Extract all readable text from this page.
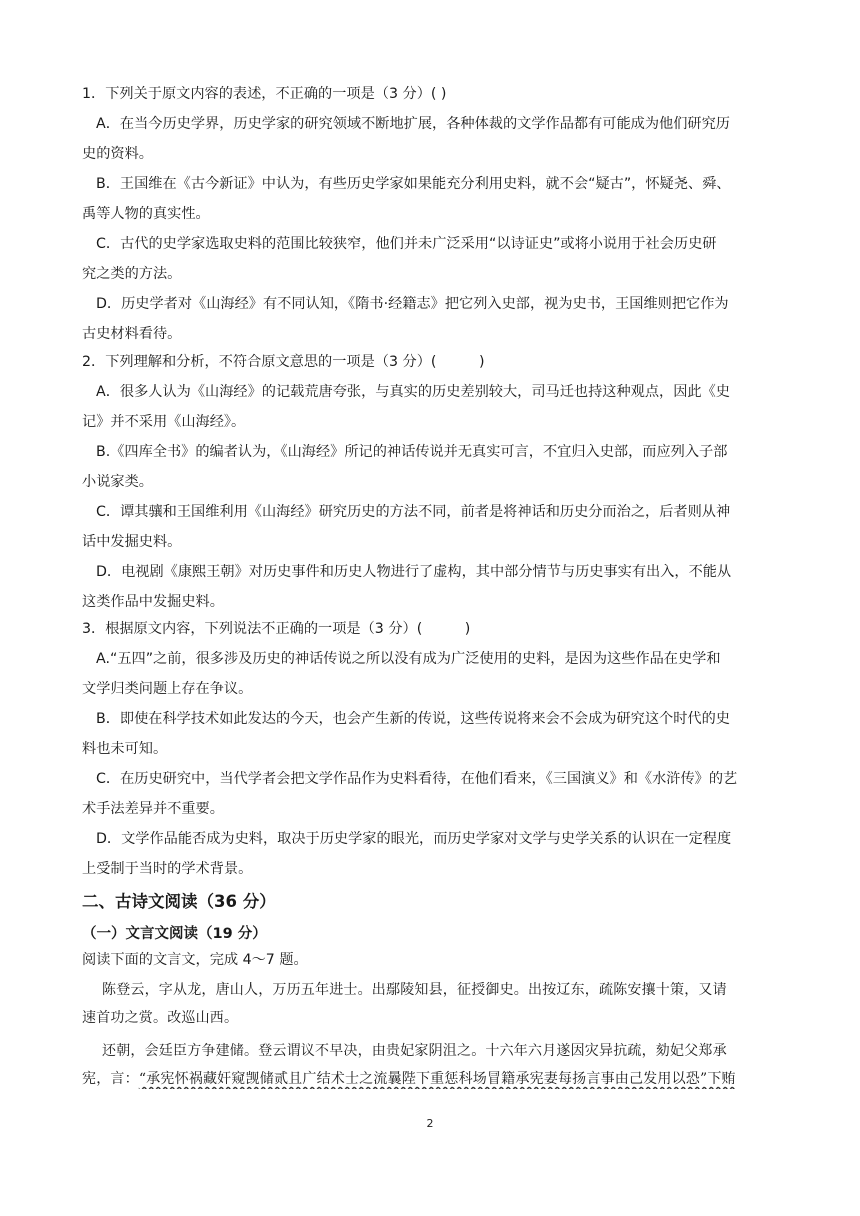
1．下列关于原文内容的表述，不正确的一项是（3 分）( )
A．在当今历史学界，历史学家的研究领域不断地扩展，各种体裁的文学作品都有可能成为他们研究历
史的资料。
B．王国维在《古今新证》中认为，有些历史学家如果能充分利用史料，就不会“疑古”，怀疑尧、舜、
禹等人物的真实性。
C．古代的史学家选取史料的范围比较狭窄，他们并未广泛采用“以诗证史”或将小说用于社会历史研
究之类的方法。
D．历史学者对《山海经》有不同认知，《隋书·经籍志》把它列入史部，视为史书，王国维则把它作为
古史材料看待。
2．下列理解和分析，不符合原文意思的一项是（3 分）(　　　)
A．很多人认为《山海经》的记载荒唐夸张，与真实的历史差别较大，司马迁也持这种观点，因此《史
记》并不采用《山海经》。
B.《四库全书》的编者认为，《山海经》所记的神话传说并无真实可言，不宜归入史部，而应列入子部
小说家类。
C．谭其骧和王国维利用《山海经》研究历史的方法不同，前者是将神话和历史分而治之，后者则从神
话中发掘史料。
D．电视剧《康熙王朝》对历史事件和历史人物进行了虚构，其中部分情节与历史事实有出入，不能从
这类作品中发掘史料。
3．根据原文内容，下列说法不正确的一项是（3 分）(　　　)
A.“五四”之前，很多涉及历史的神话传说之所以没有成为广泛使用的史料，是因为这些作品在史学和
文学归类问题上存在争议。
B．即使在科学技术如此发达的今天，也会产生新的传说，这些传说将来会不会成为研究这个时代的史
料也未可知。
C．在历史研究中，当代学者会把文学作品作为史料看待，在他们看来，《三国演义》和《水浒传》的艺
术手法差异并不重要。
D．文学作品能否成为史料，取决于历史学家的眼光，而历史学家对文学与史学关系的认识在一定程度
上受制于当时的学术背景。
二、古诗文阅读（36 分）
（一）文言文阅读（19 分）
阅读下面的文言文，完成 4～7 题。
陈登云，字从龙，唐山人，万历五年进士。出鄢陵知县，征授御史。出按辽东，疏陈安攘十策，又请
速首功之赏。改巡山西。
还朝，会廷臣方争建储。登云谓议不早决，由贵妃家阴沮之。十六年六月遂因灾异抗疏，劾妃父郑承
宪，言：“承宪怀祸藏奸窥觊储贰且广结术士之流曩陛下重惩科场冒籍承宪妻每扬言事由己发用以恐”下贿
2
